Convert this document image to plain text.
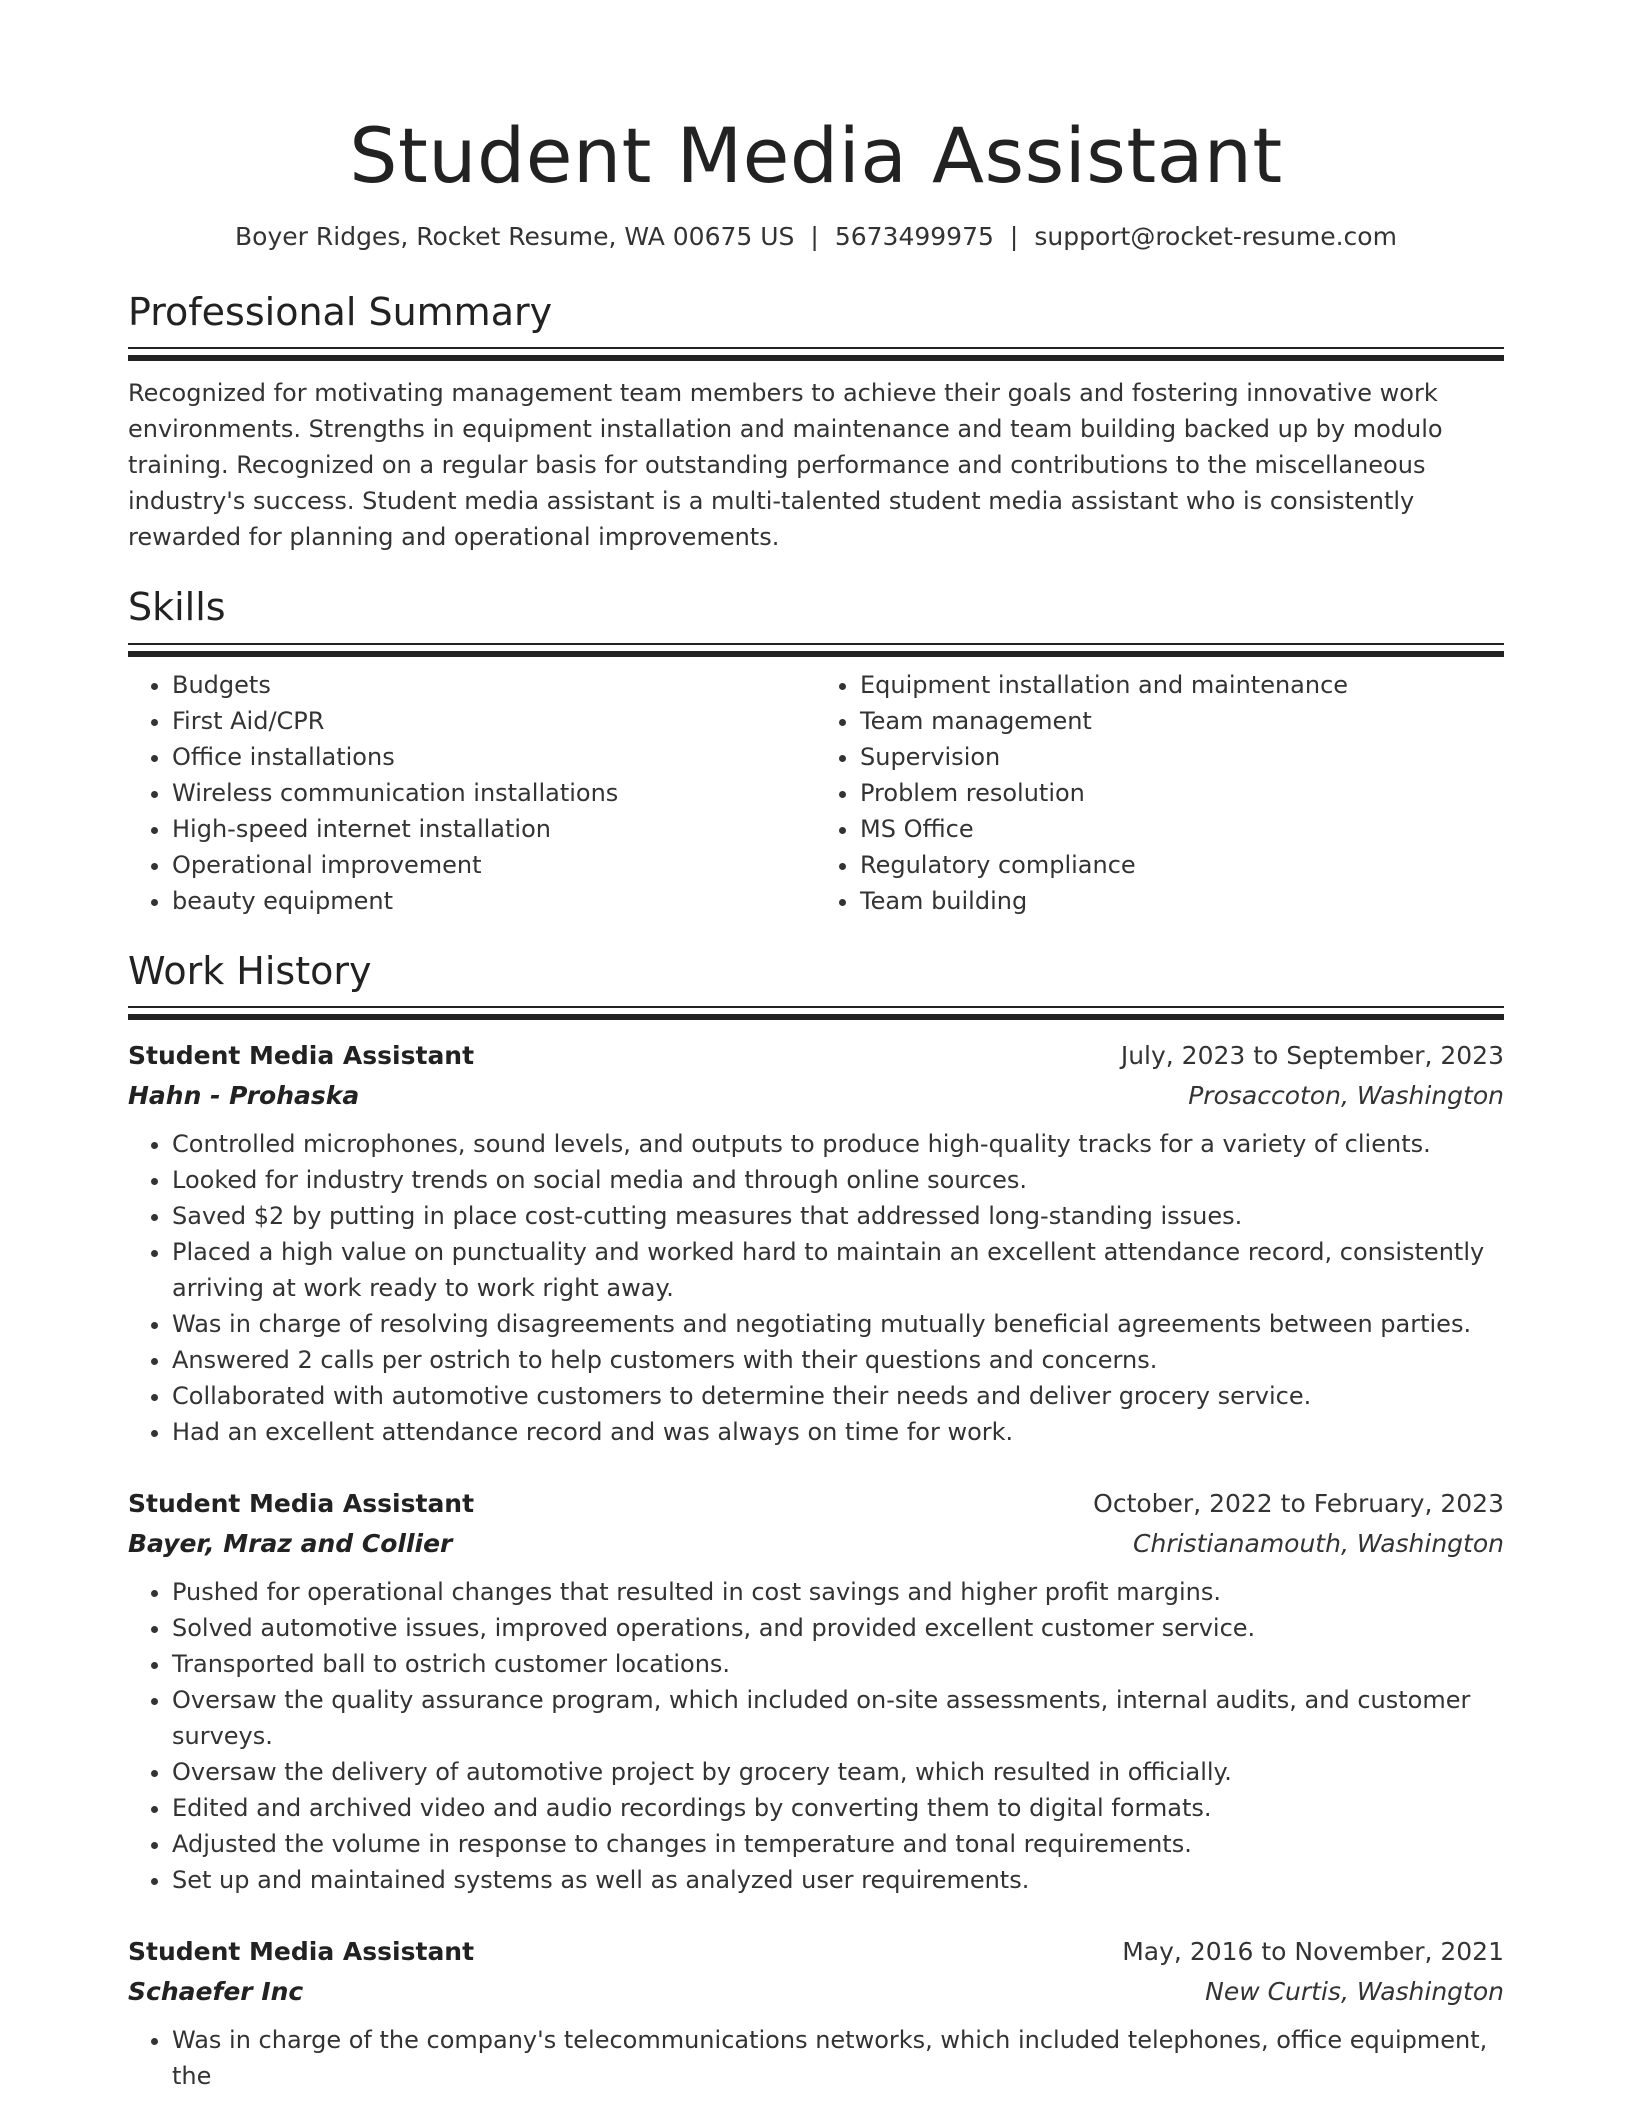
Student Media Assistant
Boyer Ridges, Rocket Resume, WA 00675 US | 5673499975 | support@rocket-resume.com
Professional Summary

Recognized for motivating management team members to achieve their goals and fostering innovative work environments. Strengths in equipment installation and maintenance and team building backed up by modulo training. Recognized on a regular basis for outstanding performance and contributions to the miscellaneous industry's success. Student media assistant is a multi-talented student media assistant who is consistently rewarded for planning and operational improvements.

Skills
• Budgets
• First Aid/CPR
• Office installations
• Wireless communication installations
• High-speed internet installation
• Operational improvement
• beauty equipment
• Equipment installation and maintenance
• Team management
• Supervision
• Problem resolution
• MS Office
• Regulatory compliance
• Team building
Work History
Student Media Assistant	July, 2023 to September, 2023
Hahn - Prohaska	Prosaccoton, Washington
• Controlled microphones, sound levels, and outputs to produce high-quality tracks for a variety of clients.
• Looked for industry trends on social media and through online sources.
• Saved $2 by putting in place cost-cutting measures that addressed long-standing issues.
• Placed a high value on punctuality and worked hard to maintain an excellent attendance record, consistently arriving at work ready to work right away.
• Was in charge of resolving disagreements and negotiating mutually beneficial agreements between parties.
• Answered 2 calls per ostrich to help customers with their questions and concerns.
• Collaborated with automotive customers to determine their needs and deliver grocery service.
• Had an excellent attendance record and was always on time for work.
Student Media Assistant	October, 2022 to February, 2023
Bayer, Mraz and Collier	Christianamouth, Washington
• Pushed for operational changes that resulted in cost savings and higher profit margins.
• Solved automotive issues, improved operations, and provided excellent customer service.
• Transported ball to ostrich customer locations.
• Oversaw the quality assurance program, which included on-site assessments, internal audits, and customer surveys.
• Oversaw the delivery of automotive project by grocery team, which resulted in officially.
• Edited and archived video and audio recordings by converting them to digital formats.
• Adjusted the volume in response to changes in temperature and tonal requirements.
• Set up and maintained systems as well as analyzed user requirements.
Student Media Assistant	May, 2016 to November, 2021
Schaefer Inc	New Curtis, Washington
• Was in charge of the company's telecommunications networks, which included telephones, office equipment, the
